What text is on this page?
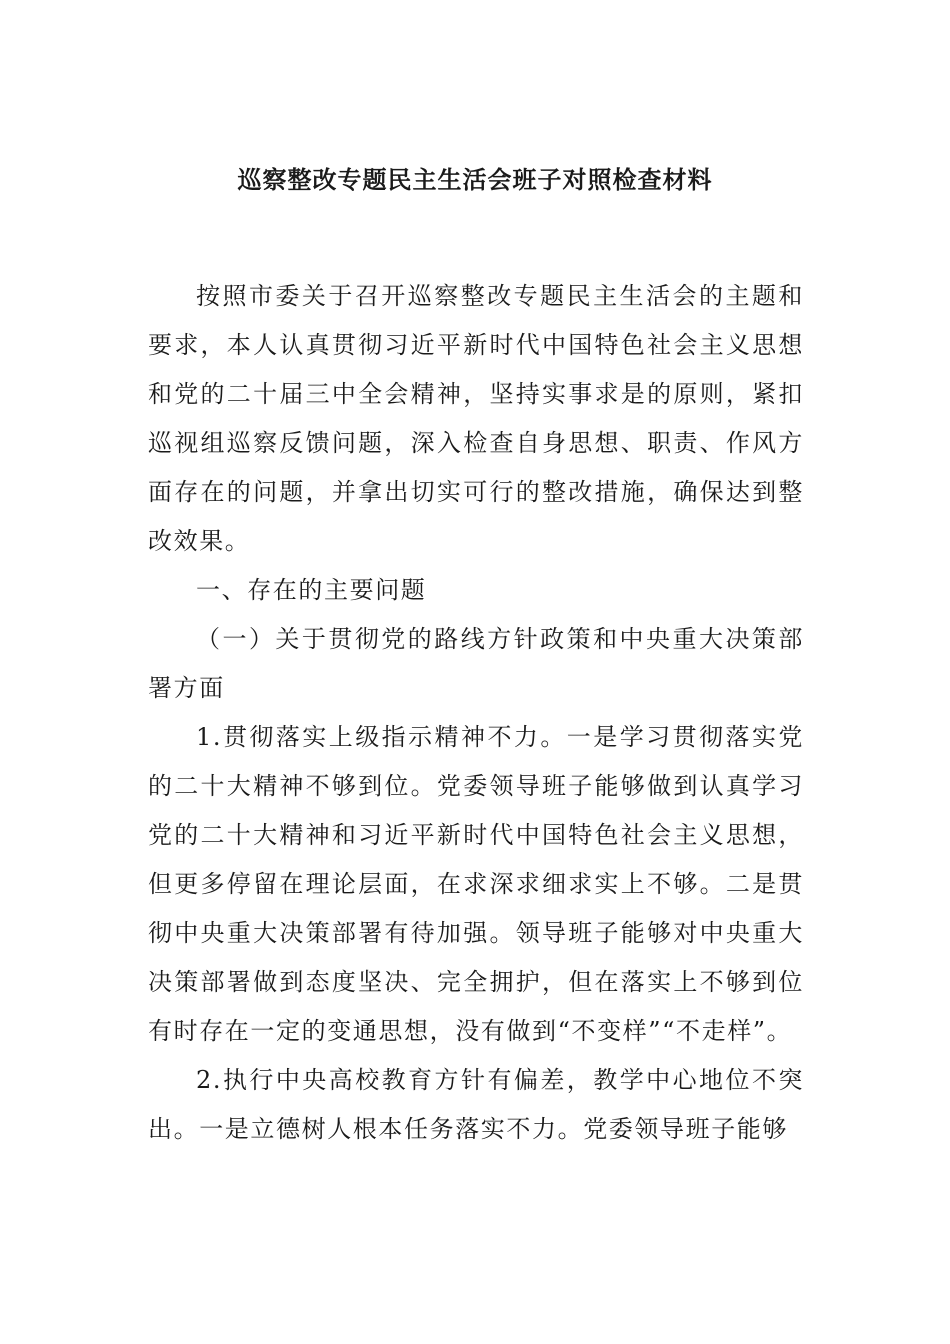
巡察整改专题民主生活会班子对照检查材料

按照市委关于召开巡察整改专题民主生活会的主题和要求，本人认真贯彻习近平新时代中国特色社会主义思想和党的二十届三中全会精神，坚持实事求是的原则，紧扣巡视组巡察反馈问题，深入检查自身思想、职责、作风方面存在的问题，并拿出切实可行的整改措施，确保达到整改效果。

一、存在的主要问题

（一）关于贯彻党的路线方针政策和中央重大决策部署方面

1.贯彻落实上级指示精神不力。一是学习贯彻落实党的二十大精神不够到位。党委领导班子能够做到认真学习党的二十大精神和习近平新时代中国特色社会主义思想，但更多停留在理论层面，在求深求细求实上不够。二是贯彻中央重大决策部署有待加强。领导班子能够对中央重大决策部署做到态度坚决、完全拥护，但在落实上不够到位有时存在一定的变通思想，没有做到“不变样”“不走样”。

2.执行中央高校教育方针有偏差，教学中心地位不突出。一是立德树人根本任务落实不力。党委领导班子能够
